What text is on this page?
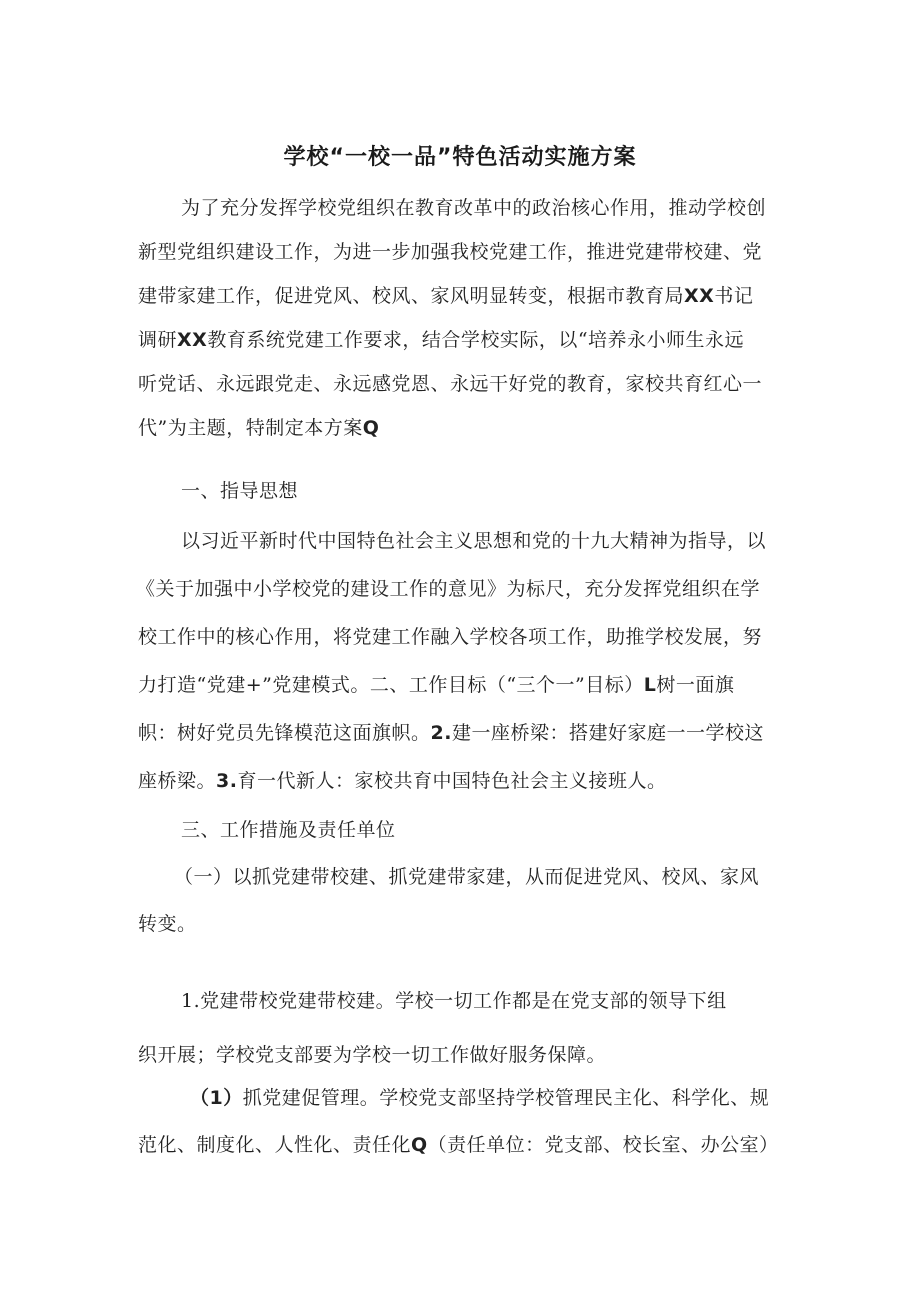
学校“一校一品”特色活动实施方案
为了充分发挥学校党组织在教育改革中的政治核心作用，推动学校创
新型党组织建设工作，为进一步加强我校党建工作，推进党建带校建、党
建带家建工作，促进党风、校风、家风明显转变，根据市教育局XX书记
调研XX教育系统党建工作要求，结合学校实际，以“培养永小师生永远
听党话、永远跟党走、永远感党恩、永远干好党的教育，家校共育红心一
代”为主题，特制定本方案Q
一、指导思想
以习近平新时代中国特色社会主义思想和党的十九大精神为指导，以
《关于加强中小学校党的建设工作的意见》为标尺，充分发挥党组织在学
校工作中的核心作用，将党建工作融入学校各项工作，助推学校发展，努
力打造“党建+”党建模式。二、工作目标（“三个一”目标）L树一面旗
帜：树好党员先锋模范这面旗帜。2.建一座桥梁：搭建好家庭一一学校这
座桥梁。3.育一代新人：家校共育中国特色社会主义接班人。
三、工作措施及责任单位
（一）以抓党建带校建、抓党建带家建，从而促进党风、校风、家风
转变。
1.党建带校党建带校建。学校一切工作都是在党支部的领导下组
织开展；学校党支部要为学校一切工作做好服务保障。
（1）抓党建促管理。学校党支部坚持学校管理民主化、科学化、规
范化、制度化、人性化、责任化Q（责任单位：党支部、校长室、办公室）
